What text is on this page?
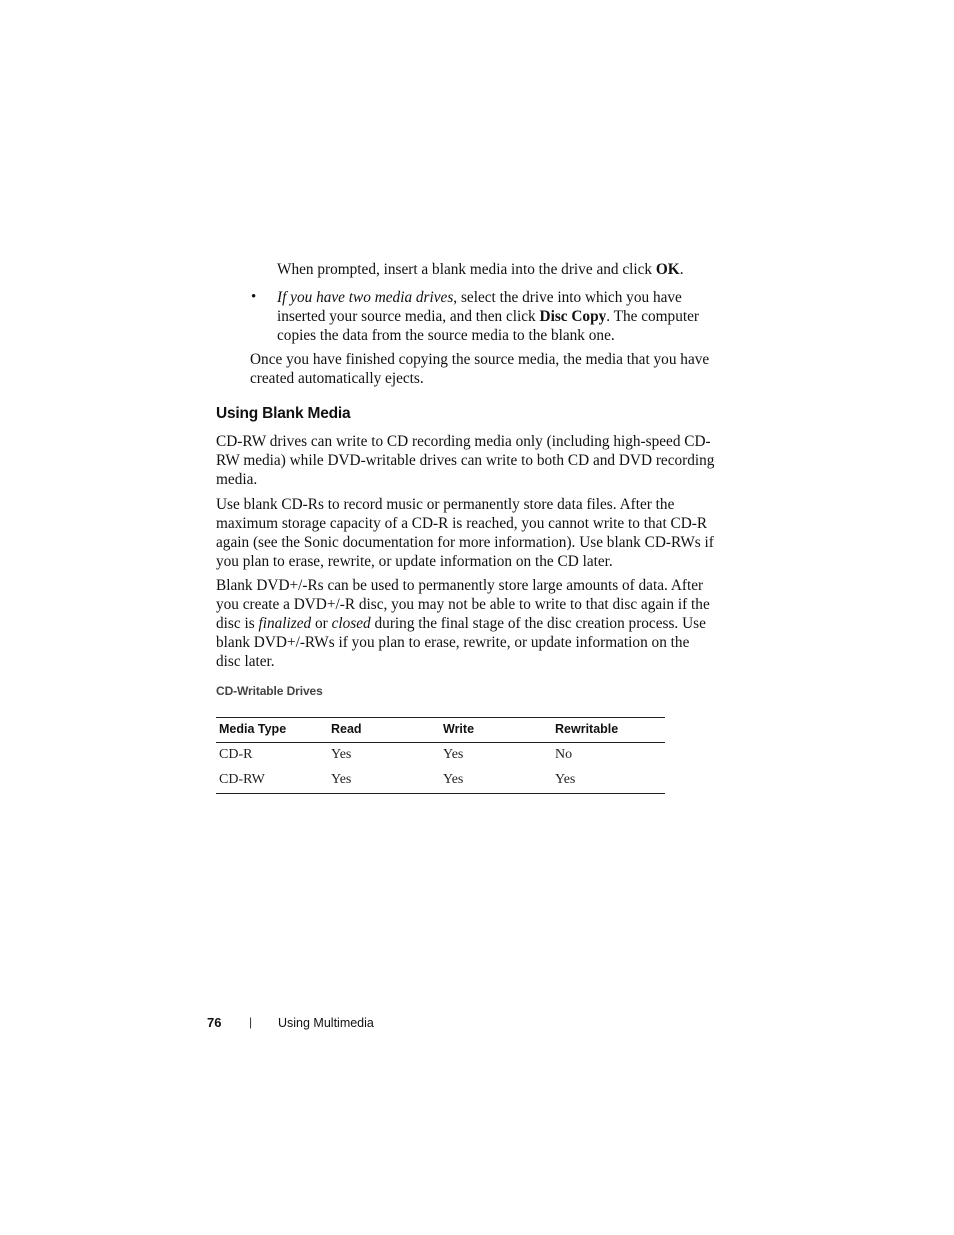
When prompted, insert a blank media into the drive and click OK.

• If you have two media drives, select the drive into which you have inserted your source media, and then click Disc Copy. The computer copies the data from the source media to the blank one.

Once you have finished copying the source media, the media that you have created automatically ejects.

Using Blank Media

CD-RW drives can write to CD recording media only (including high-speed CD-RW media) while DVD-writable drives can write to both CD and DVD recording media.

Use blank CD-Rs to record music or permanently store data files. After the maximum storage capacity of a CD-R is reached, you cannot write to that CD-R again (see the Sonic documentation for more information). Use blank CD-RWs if you plan to erase, rewrite, or update information on the CD later.

Blank DVD+/-Rs can be used to permanently store large amounts of data. After you create a DVD+/-R disc, you may not be able to write to that disc again if the disc is finalized or closed during the final stage of the disc creation process. Use blank DVD+/-RWs if you plan to erase, rewrite, or update information on the disc later.

CD-Writable Drives
Media Type	Read	Write	Rewritable
CD-R	Yes	Yes	No
CD-RW	Yes	Yes	Yes
76 | Using Multimedia
